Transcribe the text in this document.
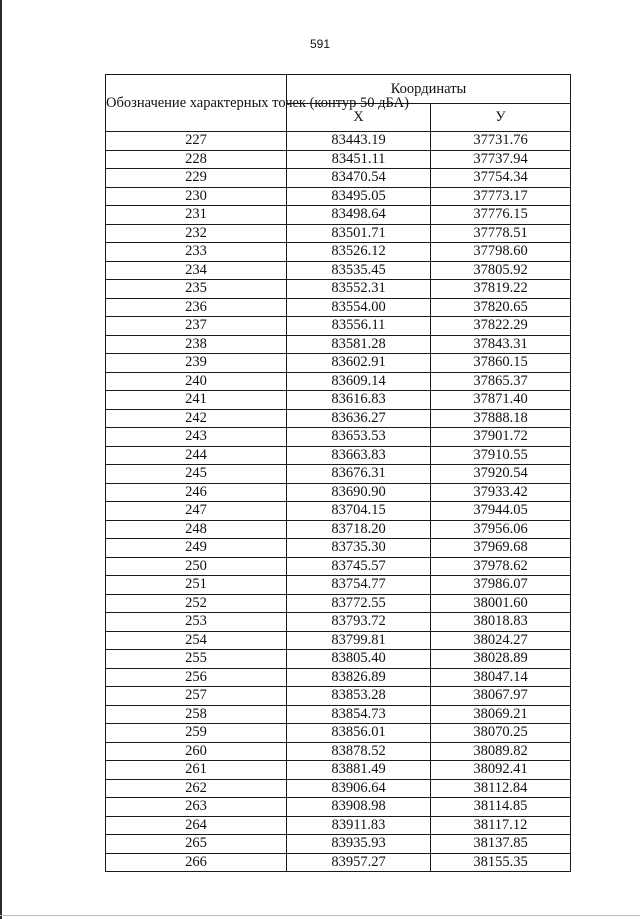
591
Обозначение характерных точек (контур 50 дБА)	Координаты	
	X	У
227	83443.19	37731.76
228	83451.11	37737.94
229	83470.54	37754.34
230	83495.05	37773.17
231	83498.64	37776.15
232	83501.71	37778.51
233	83526.12	37798.60
234	83535.45	37805.92
235	83552.31	37819.22
236	83554.00	37820.65
237	83556.11	37822.29
238	83581.28	37843.31
239	83602.91	37860.15
240	83609.14	37865.37
241	83616.83	37871.40
242	83636.27	37888.18
243	83653.53	37901.72
244	83663.83	37910.55
245	83676.31	37920.54
246	83690.90	37933.42
247	83704.15	37944.05
248	83718.20	37956.06
249	83735.30	37969.68
250	83745.57	37978.62
251	83754.77	37986.07
252	83772.55	38001.60
253	83793.72	38018.83
254	83799.81	38024.27
255	83805.40	38028.89
256	83826.89	38047.14
257	83853.28	38067.97
258	83854.73	38069.21
259	83856.01	38070.25
260	83878.52	38089.82
261	83881.49	38092.41
262	83906.64	38112.84
263	83908.98	38114.85
264	83911.83	38117.12
265	83935.93	38137.85
266	83957.27	38155.35
